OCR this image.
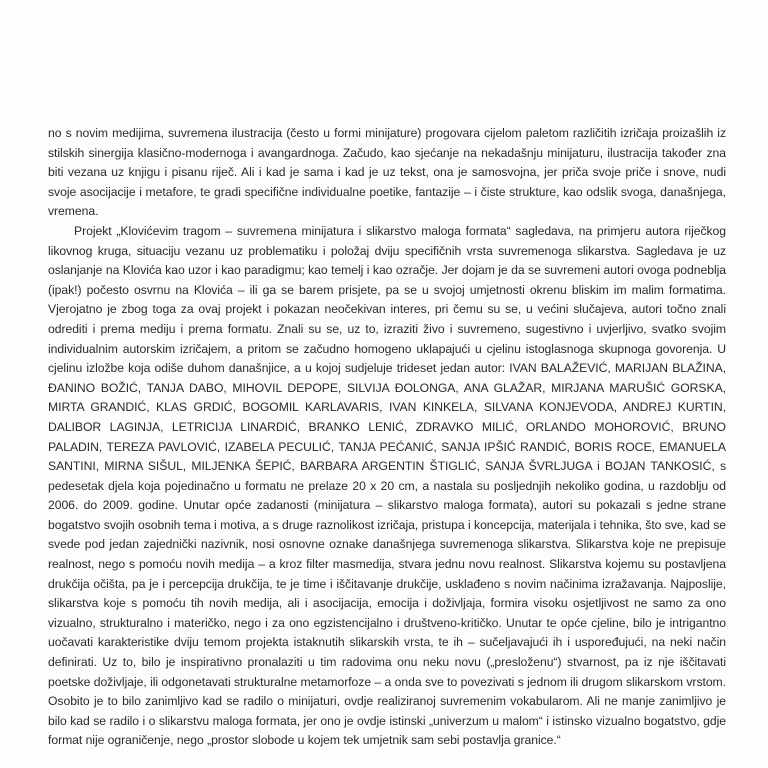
no s novim medijima, suvremena ilustracija (često u formi minijature) progovara cijelom paletom različitih izričaja proizašlih iz stilskih sinergija klasično-modernoga i avangardnoga. Začudo, kao sjećanje na nekadašnju minijaturu, ilustracija također zna biti vezana uz knjigu i pisanu riječ. Ali i kad je sama i kad je uz tekst, ona je samosvojna, jer priča svoje priče i snove, nudi svoje asocijacije i metafore, te gradi specifične individualne poetike, fantazije – i čiste strukture, kao odslik svoga, današnjega, vremena.

Projekt „Klovićevim tragom – suvremena minijatura i slikarstvo maloga formata“ sagledava, na primjeru autora riječkog likovnog kruga, situaciju vezanu uz problematiku i položaj dviju specifičnih vrsta suvremenoga slikarstva. Sagledava je uz oslanjanje na Klovića kao uzor i kao paradigmu; kao temelj i kao ozračje. Jer dojam je da se suvremeni autori ovoga podneblja (ipak!) počesto osvrnu na Klovića – ili ga se barem prisjete, pa se u svojoj umjetnosti okrenu bliskim im malim formatima. Vjerojatno je zbog toga za ovaj projekt i pokazan neočekivan interes, pri čemu su se, u većini slučajeva, autori točno znali odrediti i prema mediju i prema formatu. Znali su se, uz to, izraziti živo i suvremeno, sugestivno i uvjerljivo, svatko svojim individualnim autorskim izričajem, a pritom se začudno homogeno uklapajući u cjelinu istoglasnoga skupnoga govorenja. U cjelinu izložbe koja odiše duhom današnjice, a u kojoj sudjeluje trideset jedan autor: IVAN BALAŽEVIĆ, MARIJAN BLAŽINA, ĐANINO BOŽIĆ, TANJA DABO, MIHOVIL DEPOPE, SILVIJA ĐOLONGA, ANA GLAŽAR, MIRJANA MARUŠIĆ GORSKA, MIRTA GRANDIĆ, KLAS GRDIĆ, BOGOMIL KARLAVARIS, IVAN KINKELA, SILVANA KONJEVODA, ANDREJ KURTIN, DALIBOR LAGINJA, LETRICIJA LINARDIĆ, BRANKO LENIĆ, ZDRAVKO MILIĆ, ORLANDO MOHOROVIĆ, BRUNO PALADIN, TEREZA PAVLOVIĆ, IZABELA PECULIĆ, TANJA PEĆANIĆ, SANJA IPŠIĆ RANDIĆ, BORIS ROCE, EMANUELA SANTINI, MIRNA SIŠUL, MILJENKA ŠEPIĆ, BARBARA ARGENTIN ŠTIGLIĆ, SANJA ŠVRLJUGA i BOJAN TANKOSIĆ, s pedesetak djela koja pojedinačno u formatu ne prelaze 20 x 20 cm, a nastala su posljednjih nekoliko godina, u razdoblju od 2006. do 2009. godine. Unutar opće zadanosti (minijatura – slikarstvo maloga formata), autori su pokazali s jedne strane bogatstvo svojih osobnih tema i motiva, a s druge raznolikost izričaja, pristupa i koncepcija, materijala i tehnika, što sve, kad se svede pod jedan zajednički nazivnik, nosi osnovne oznake današnjega suvremenoga slikarstva. Slikarstva koje ne prepisuje realnost, nego s pomoću novih medija – a kroz filter masmedija, stvara jednu novu realnost. Slikarstva kojemu su postavljena drukčija očišta, pa je i percepcija drukčija, te je time i iščitavanje drukčije, usklađeno s novim načinima izražavanja. Najposlije, slikarstva koje s pomoću tih novih medija, ali i asocijacija, emocija i doživljaja, formira visoku osjetljivost ne samo za ono vizualno, strukturalno i materičko, nego i za ono egzistencijalno i društveno-kritičko. Unutar te opće cjeline, bilo je intrigantno uočavati karakteristike dviju temom projekta istaknutih slikarskih vrsta, te ih – sučeljavajući ih i uspoređujući, na neki način definirati. Uz to, bilo je inspirativno pronalaziti u tim radovima onu neku novu („presloženu“) stvarnost, pa iz nje iščitavati poetske doživljaje, ili odgonetavati strukturalne metamorfoze – a onda sve to povezivati s jednom ili drugom slikarskom vrstom. Osobito je to bilo zanimljivo kad se radilo o minijaturi, ovdje realiziranoj suvremenim vokabularom. Ali ne manje zanimljivo je bilo kad se radilo i o slikarstvu maloga formata, jer ono je ovdje istinski „univerzum u malom“ i istinsko vizualno bogatstvo, gdje format nije ograničenje, nego „prostor slobode u kojem tek umjetnik sam sebi postavlja granice.“
